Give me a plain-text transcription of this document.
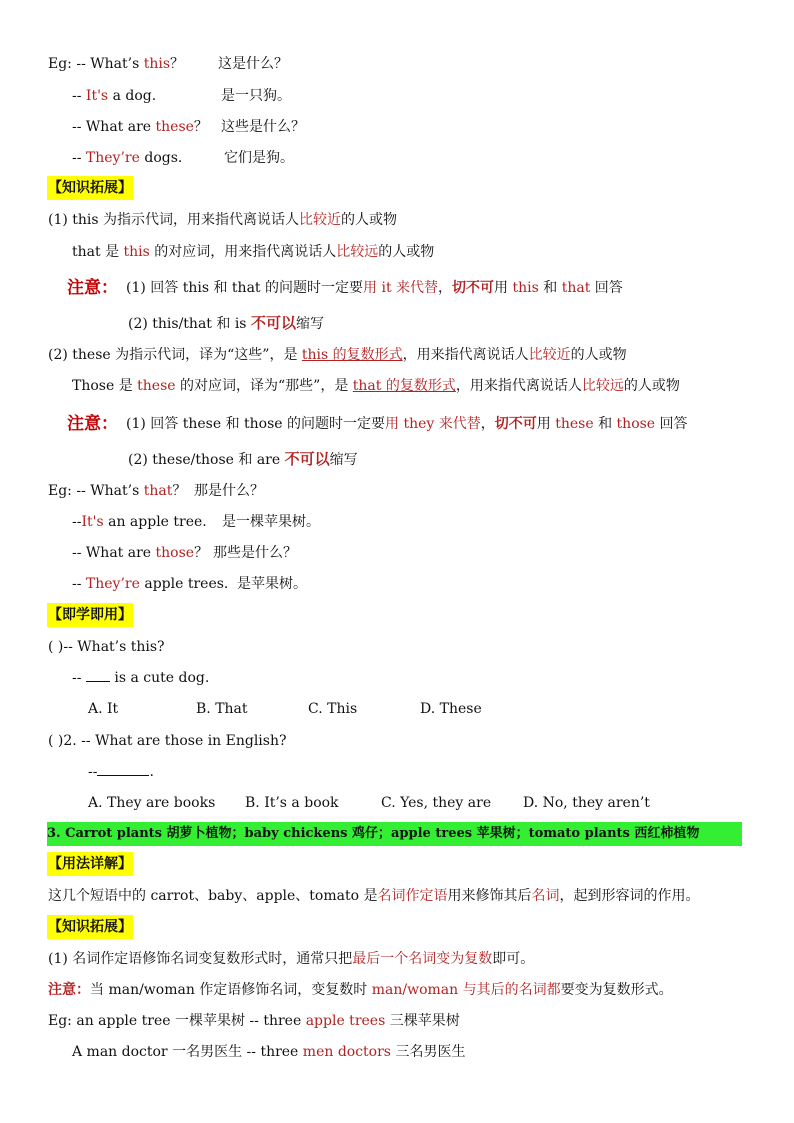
Eg: -- What’s this？ 这是什么？
-- It's a dog.	是一只狗。
-- What are these？ 这些是什么？
-- They’re dogs.	它们是狗。
【知识拓展】
(1) this 为指示代词，用来指代离说话人比较近的人或物
that 是 this 的对应词，用来指代离说话人比较远的人或物
注意： (1) 回答 this 和 that 的问题时一定要用 it 来代替，切不可用 this 和 that 回答
(2) this/that 和 is 不可以缩写
(2) these 为指示代词，译为“这些”，是 this 的复数形式，用来指代离说话人比较近的人或物
Those 是 these 的对应词，译为“那些”，是 that 的复数形式，用来指代离说话人比较远的人或物
注意： (1) 回答 these 和 those 的问题时一定要用 they 来代替，切不可用 these 和 those 回答
(2) these/those 和 are 不可以缩写
Eg: -- What’s that？ 那是什么？
--It's an apple tree. 是一棵苹果树。
-- What are those？ 那些是什么？
-- They’re apple trees. 是苹果树。
【即学即用】
( )-- What’s this?
--  is a cute dog.
A. It	B. That	C. This	D. These
( )2. -- What are those in English?
--	.
A. They are books B. It’s a book	C. Yes, they are D. No, they aren’t
3. Carrot plants 胡萝卜植物；baby chickens 鸡仔；apple trees 苹果树；tomato plants 西红柿植物
【用法详解】
这几个短语中的 carrot、baby、apple、tomato 是名词作定语用来修饰其后名词，起到形容词的作用。
【知识拓展】
(1) 名词作定语修饰名词变复数形式时，通常只把最后一个名词变为复数即可。
注意：当 man/woman 作定语修饰名词，变复数时 man/woman 与其后的名词都要变为复数形式。
Eg: an apple tree 一棵苹果树 -- three apple trees 三棵苹果树
A man doctor 一名男医生 -- three men doctors 三名男医生
